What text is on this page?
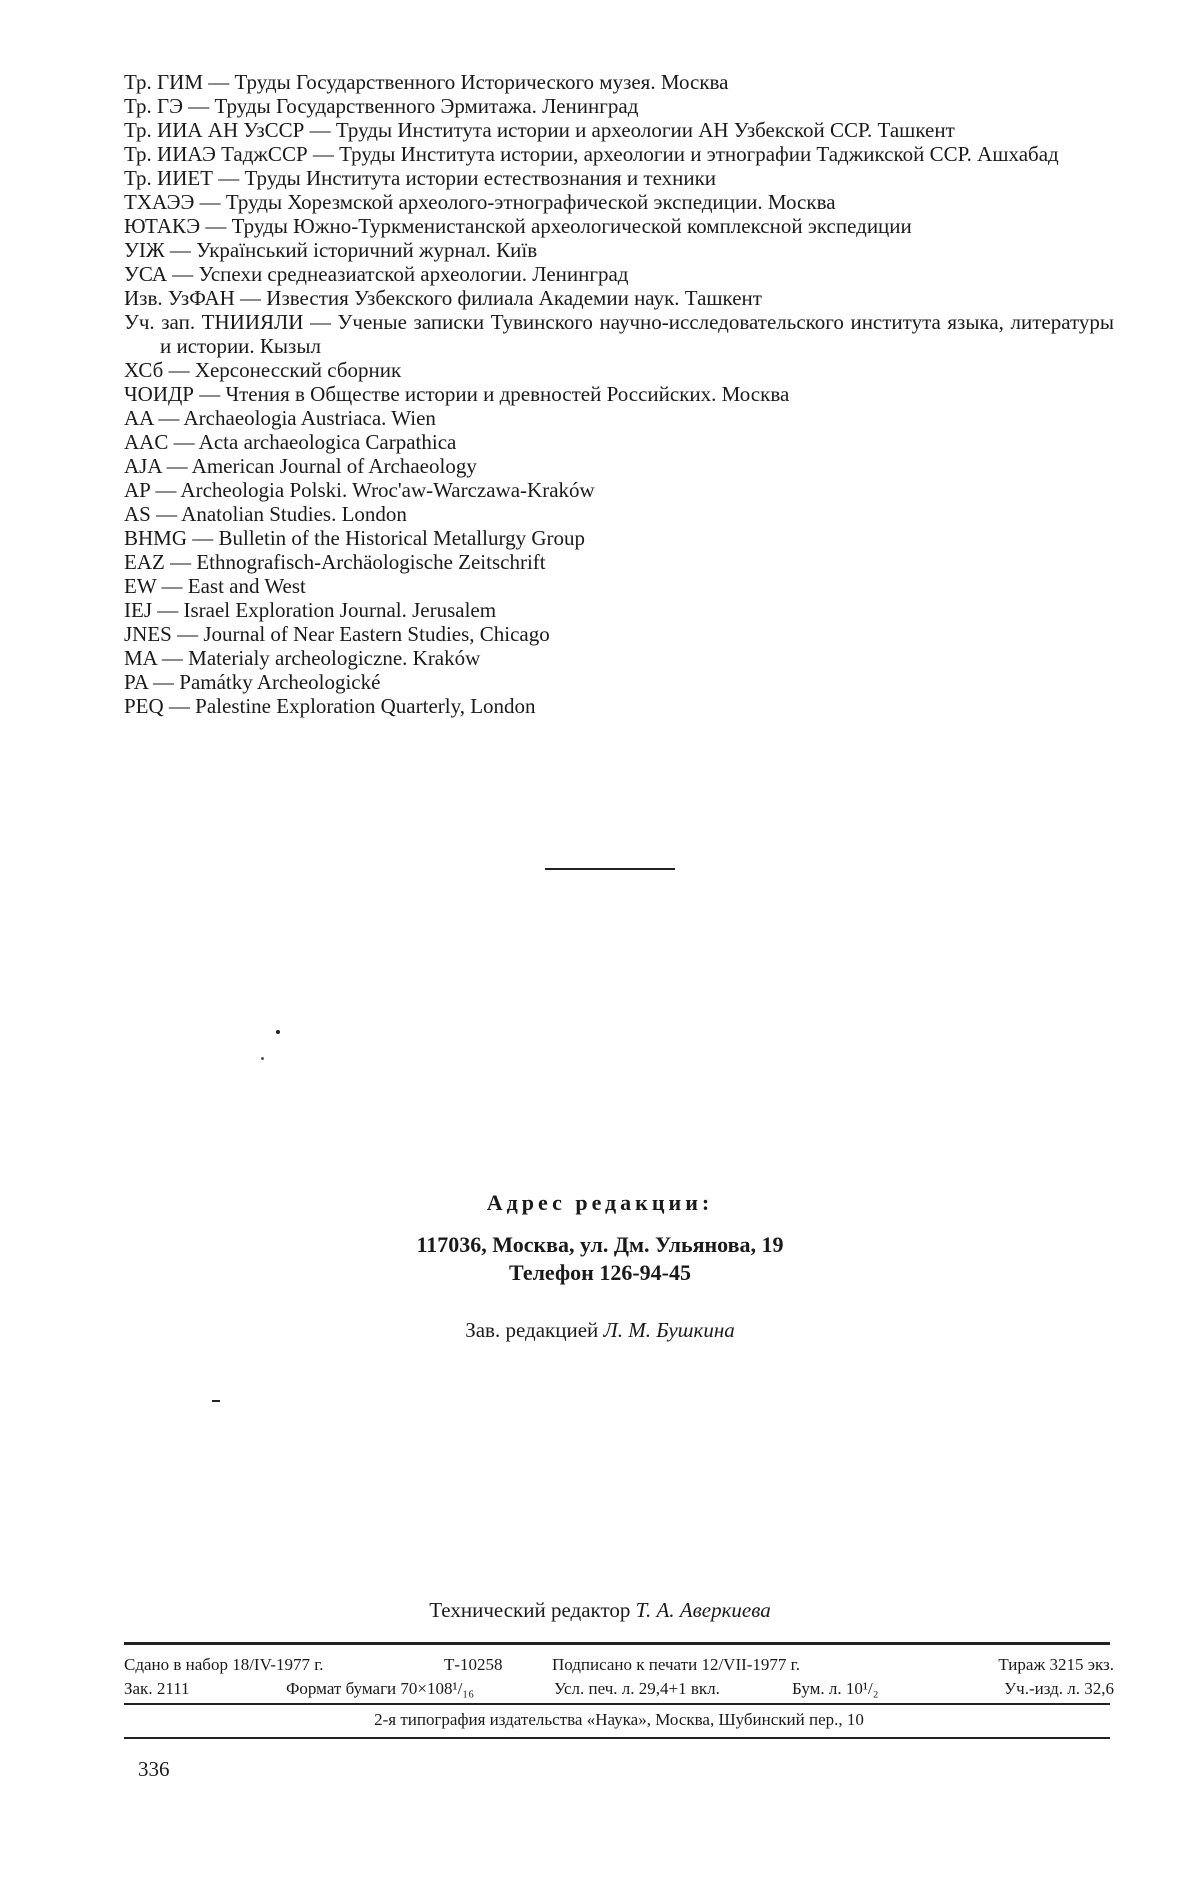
Тр. ГИМ — Труды Государственного Исторического музея. Москва
Тр. ГЭ — Труды Государственного Эрмитажа. Ленинград
Тр. ИИА АН УзССР — Труды Института истории и археологии АН Узбекской ССР. Ташкент
Тр. ИИАЭ ТаджССР — Труды Института истории, археологии и этнографии Таджикской ССР. Ашхабад
Тр. ИИЕТ — Труды Института истории естествознания и техники
ТХАЭЭ — Труды Хорезмской археолого-этнографической экспедиции. Москва
ЮТАКЭ — Труды Южно-Туркменистанской археологической комплексной экспедиции
УІЖ — Український історичний журнал. Київ
УСА — Успехи среднеазиатской археологии. Ленинград
Изв. УзФАН — Известия Узбекского филиала Академии наук. Ташкент
Уч. зап. ТНИИЯЛИ — Ученые записки Тувинского научно-исследовательского института языка, литературы и истории. Кызыл
ХСб — Херсонесский сборник
ЧОИДР — Чтения в Обществе истории и древностей Российских. Москва
AA — Archaeologia Austriaca. Wien
AAC — Acta archaeologica Carpathica
AJA — American Journal of Archaeology
AP — Archeologia Polski. Wroc'aw-Warczawa-Kraków
AS — Anatolian Studies. London
BHMG — Bulletin of the Historical Metallurgy Group
EAZ — Ethnografisch-Archäologische Zeitschrift
EW — East and West
IEJ — Israel Exploration Journal. Jerusalem
JNES — Journal of Near Eastern Studies, Chicago
MA — Materialy archeologiczne. Kraków
PA — Památky Archeologické
PEQ — Palestine Exploration Quarterly, London
Адрес редакции:
117036, Москва, ул. Дм. Ульянова, 19
Телефон 126-94-45
Зав. редакцией Л. М. Бушкина
Технический редактор Т. А. Аверкиева
Сдано в набор 18/IV-1977 г.	Т-10258	Подписано к печати 12/VII-1977 г.	Тираж 3215 экз.
Зак. 2111	Формат бумаги 70×108¹/₁₆	Усл. печ. л. 29,4+1 вкл.	Бум. л. 10¹/₂	Уч.-изд. л. 32,6
2-я типография издательства «Наука», Москва, Шубинский пер., 10
336
